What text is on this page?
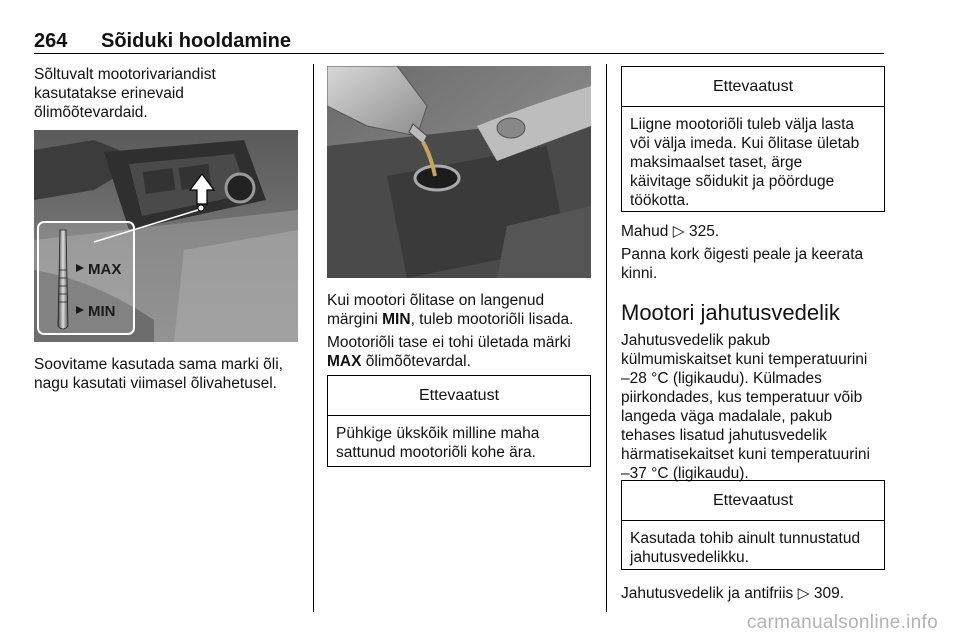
264 Sõiduki hooldamine
Sõltuvalt mootorivariandist
kasutatakse erinevaid
õlimõõtevardaid.
MAX
MIN
Soovitame kasutada sama marki õli,
nagu kasutati viimasel õlivahetusel.
Kui mootori õlitase on langenud
märgini MIN, tuleb mootoriõli lisada.
Mootoriõli tase ei tohi ületada märki
MAX õlimõõtevardal.
Ettevaatust
Pühkige ükskõik milline maha
sattunud mootoriõli kohe ära.
Ettevaatust
Liigne mootoriõli tuleb välja lasta
või välja imeda. Kui õlitase ületab
maksimaalset taset, ärge
käivitage sõidukit ja pöörduge
töökotta.
Mahud ▷ 325.
Panna kork õigesti peale ja keerata
kinni.
Mootori jahutusvedelik
Jahutusvedelik pakub
külmumiskaitset kuni temperatuurini
–28 °C (ligikaudu). Külmades
piirkondades, kus temperatuur võib
langeda väga madalale, pakub
tehases lisatud jahutusvedelik
härmatisekaitset kuni temperatuurini
–37 °C (ligikaudu).
Ettevaatust
Kasutada tohib ainult tunnustatud
jahutusvedelikku.
Jahutusvedelik ja antifriis ▷ 309.
carmanualsonline.info
